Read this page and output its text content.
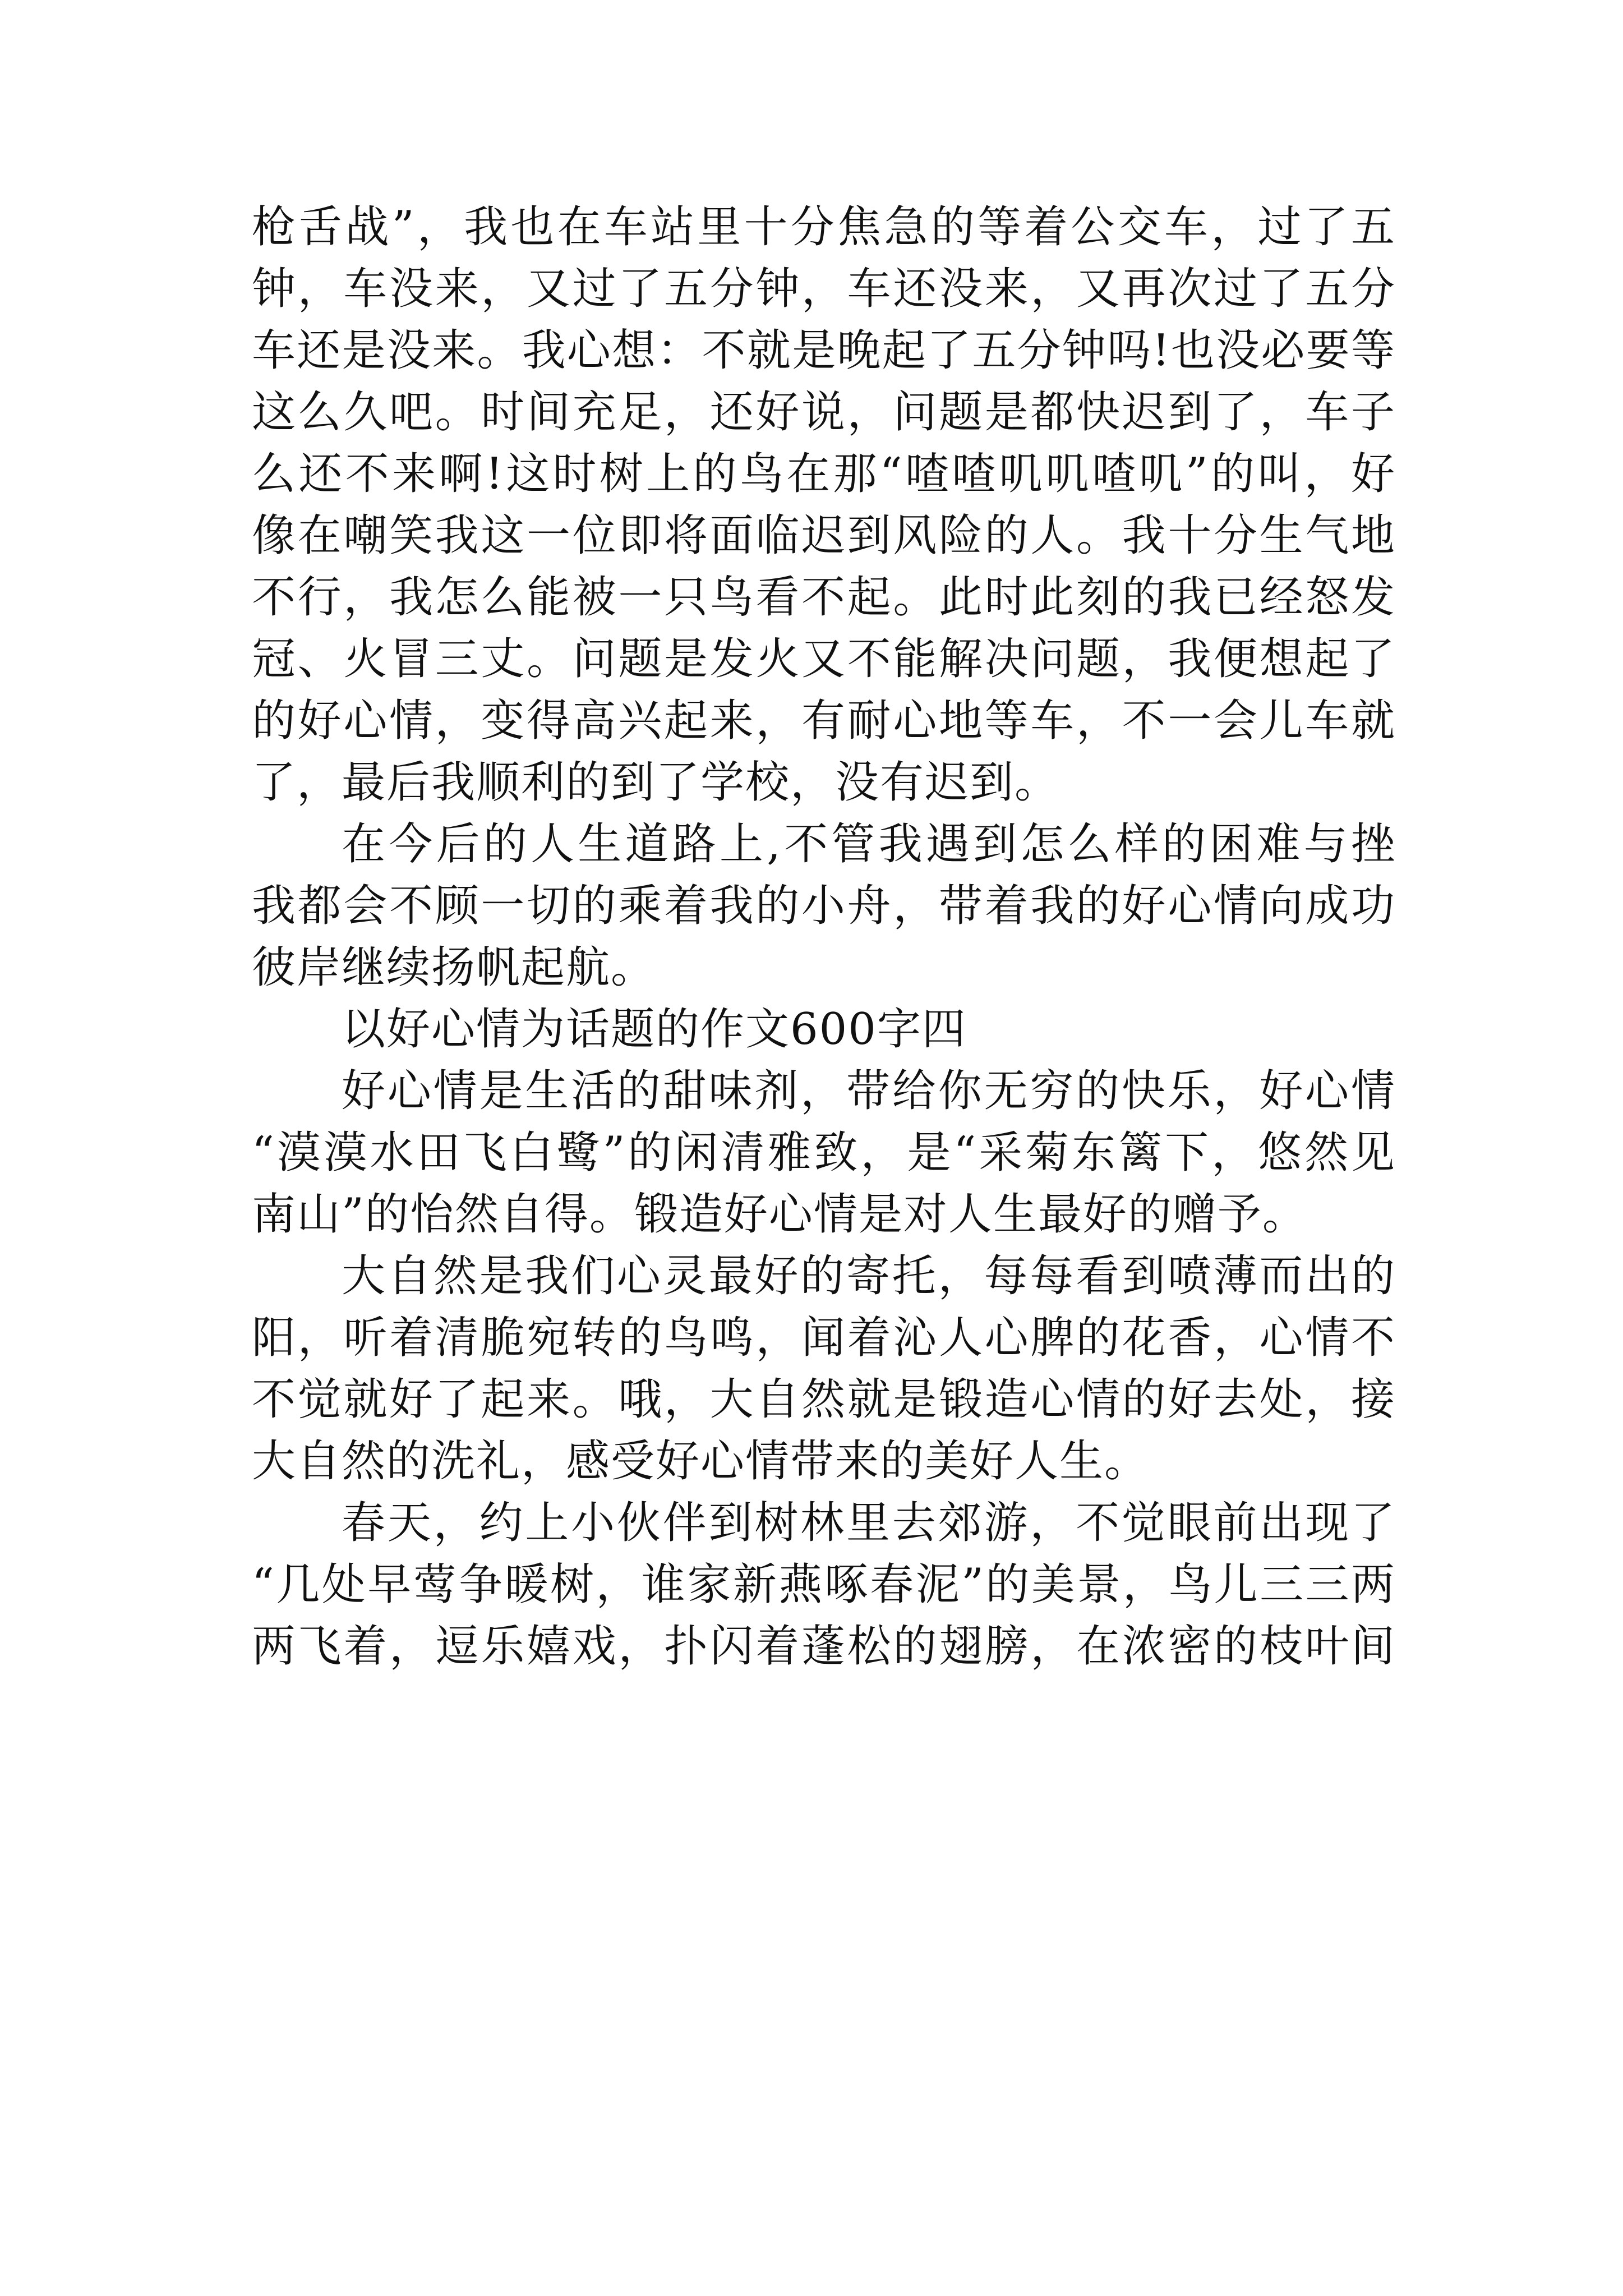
枪舌战”，我也在车站里十分焦急的等着公交车，过了五
钟，车没来，又过了五分钟，车还没来，又再次过了五分
车还是没来。我心想：不就是晚起了五分钟吗!也没必要等
这么久吧。时间充足，还好说，问题是都快迟到了，车子
么还不来啊!这时树上的鸟在那“喳喳叽叽喳叽”的叫，好
像在嘲笑我这一位即将面临迟到风险的人。我十分生气地
不行，我怎么能被一只鸟看不起。此时此刻的我已经怒发
冠、火冒三丈。问题是发火又不能解决问题，我便想起了
的好心情，变得高兴起来，有耐心地等车，不一会儿车就
了，最后我顺利的到了学校，没有迟到。
在今后的人生道路上,不管我遇到怎么样的困难与挫
我都会不顾一切的乘着我的小舟，带着我的好心情向成功
彼岸继续扬帆起航。
以好心情为话题的作文600字四
好心情是生活的甜味剂，带给你无穷的快乐，好心情
“漠漠水田飞白鹭”的闲清雅致，是“采菊东篱下，悠然见
南山”的怡然自得。锻造好心情是对人生最好的赠予。
大自然是我们心灵最好的寄托，每每看到喷薄而出的
阳，听着清脆宛转的鸟鸣，闻着沁人心脾的花香，心情不
不觉就好了起来。哦，大自然就是锻造心情的好去处，接
大自然的洗礼，感受好心情带来的美好人生。
春天，约上小伙伴到树林里去郊游，不觉眼前出现了
“几处早莺争暖树，谁家新燕啄春泥”的美景，鸟儿三三两
两飞着，逗乐嬉戏，扑闪着蓬松的翅膀，在浓密的枝叶间
